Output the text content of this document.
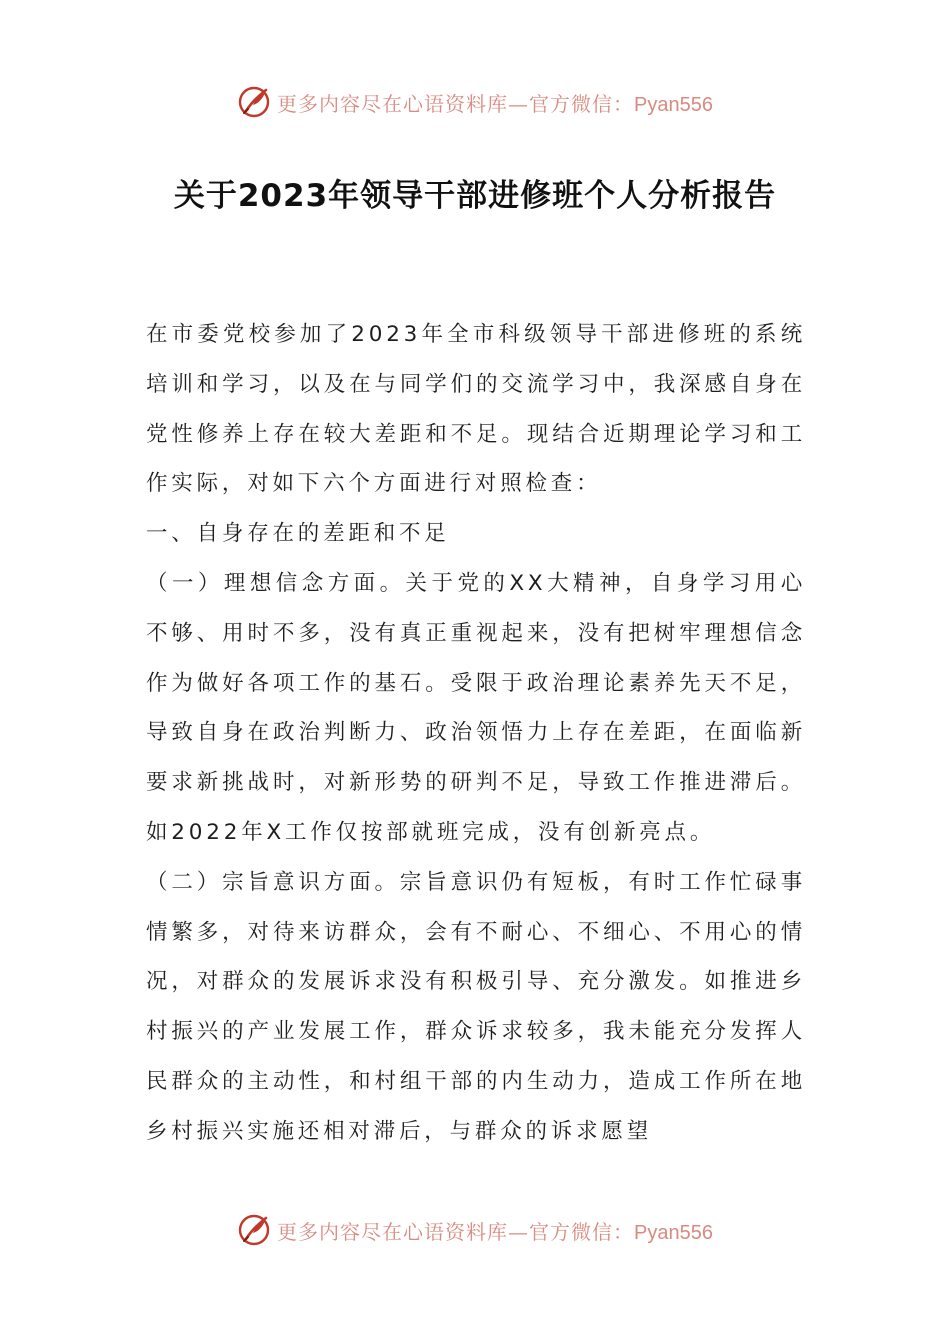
更多内容尽在心语资料库—官方微信：Pyan556
关于2023年领导干部进修班个人分析报告

在市委党校参加了2023年全市科级领导干部进修班的系统培训和学习，以及在与同学们的交流学习中，我深感自身在党性修养上存在较大差距和不足。现结合近期理论学习和工作实际，对如下六个方面进行对照检查：

一、自身存在的差距和不足

（一）理想信念方面。关于党的XX大精神，自身学习用心不够、用时不多，没有真正重视起来，没有把树牢理想信念作为做好各项工作的基石。受限于政治理论素养先天不足，导致自身在政治判断力、政治领悟力上存在差距，在面临新要求新挑战时，对新形势的研判不足，导致工作推进滞后。如2022年X工作仅按部就班完成，没有创新亮点。

（二）宗旨意识方面。宗旨意识仍有短板，有时工作忙碌事情繁多，对待来访群众，会有不耐心、不细心、不用心的情况，对群众的发展诉求没有积极引导、充分激发。如推进乡村振兴的产业发展工作，群众诉求较多，我未能充分发挥人民群众的主动性，和村组干部的内生动力，造成工作所在地乡村振兴实施还相对滞后，与群众的诉求愿望

更多内容尽在心语资料库—官方微信：Pyan556
